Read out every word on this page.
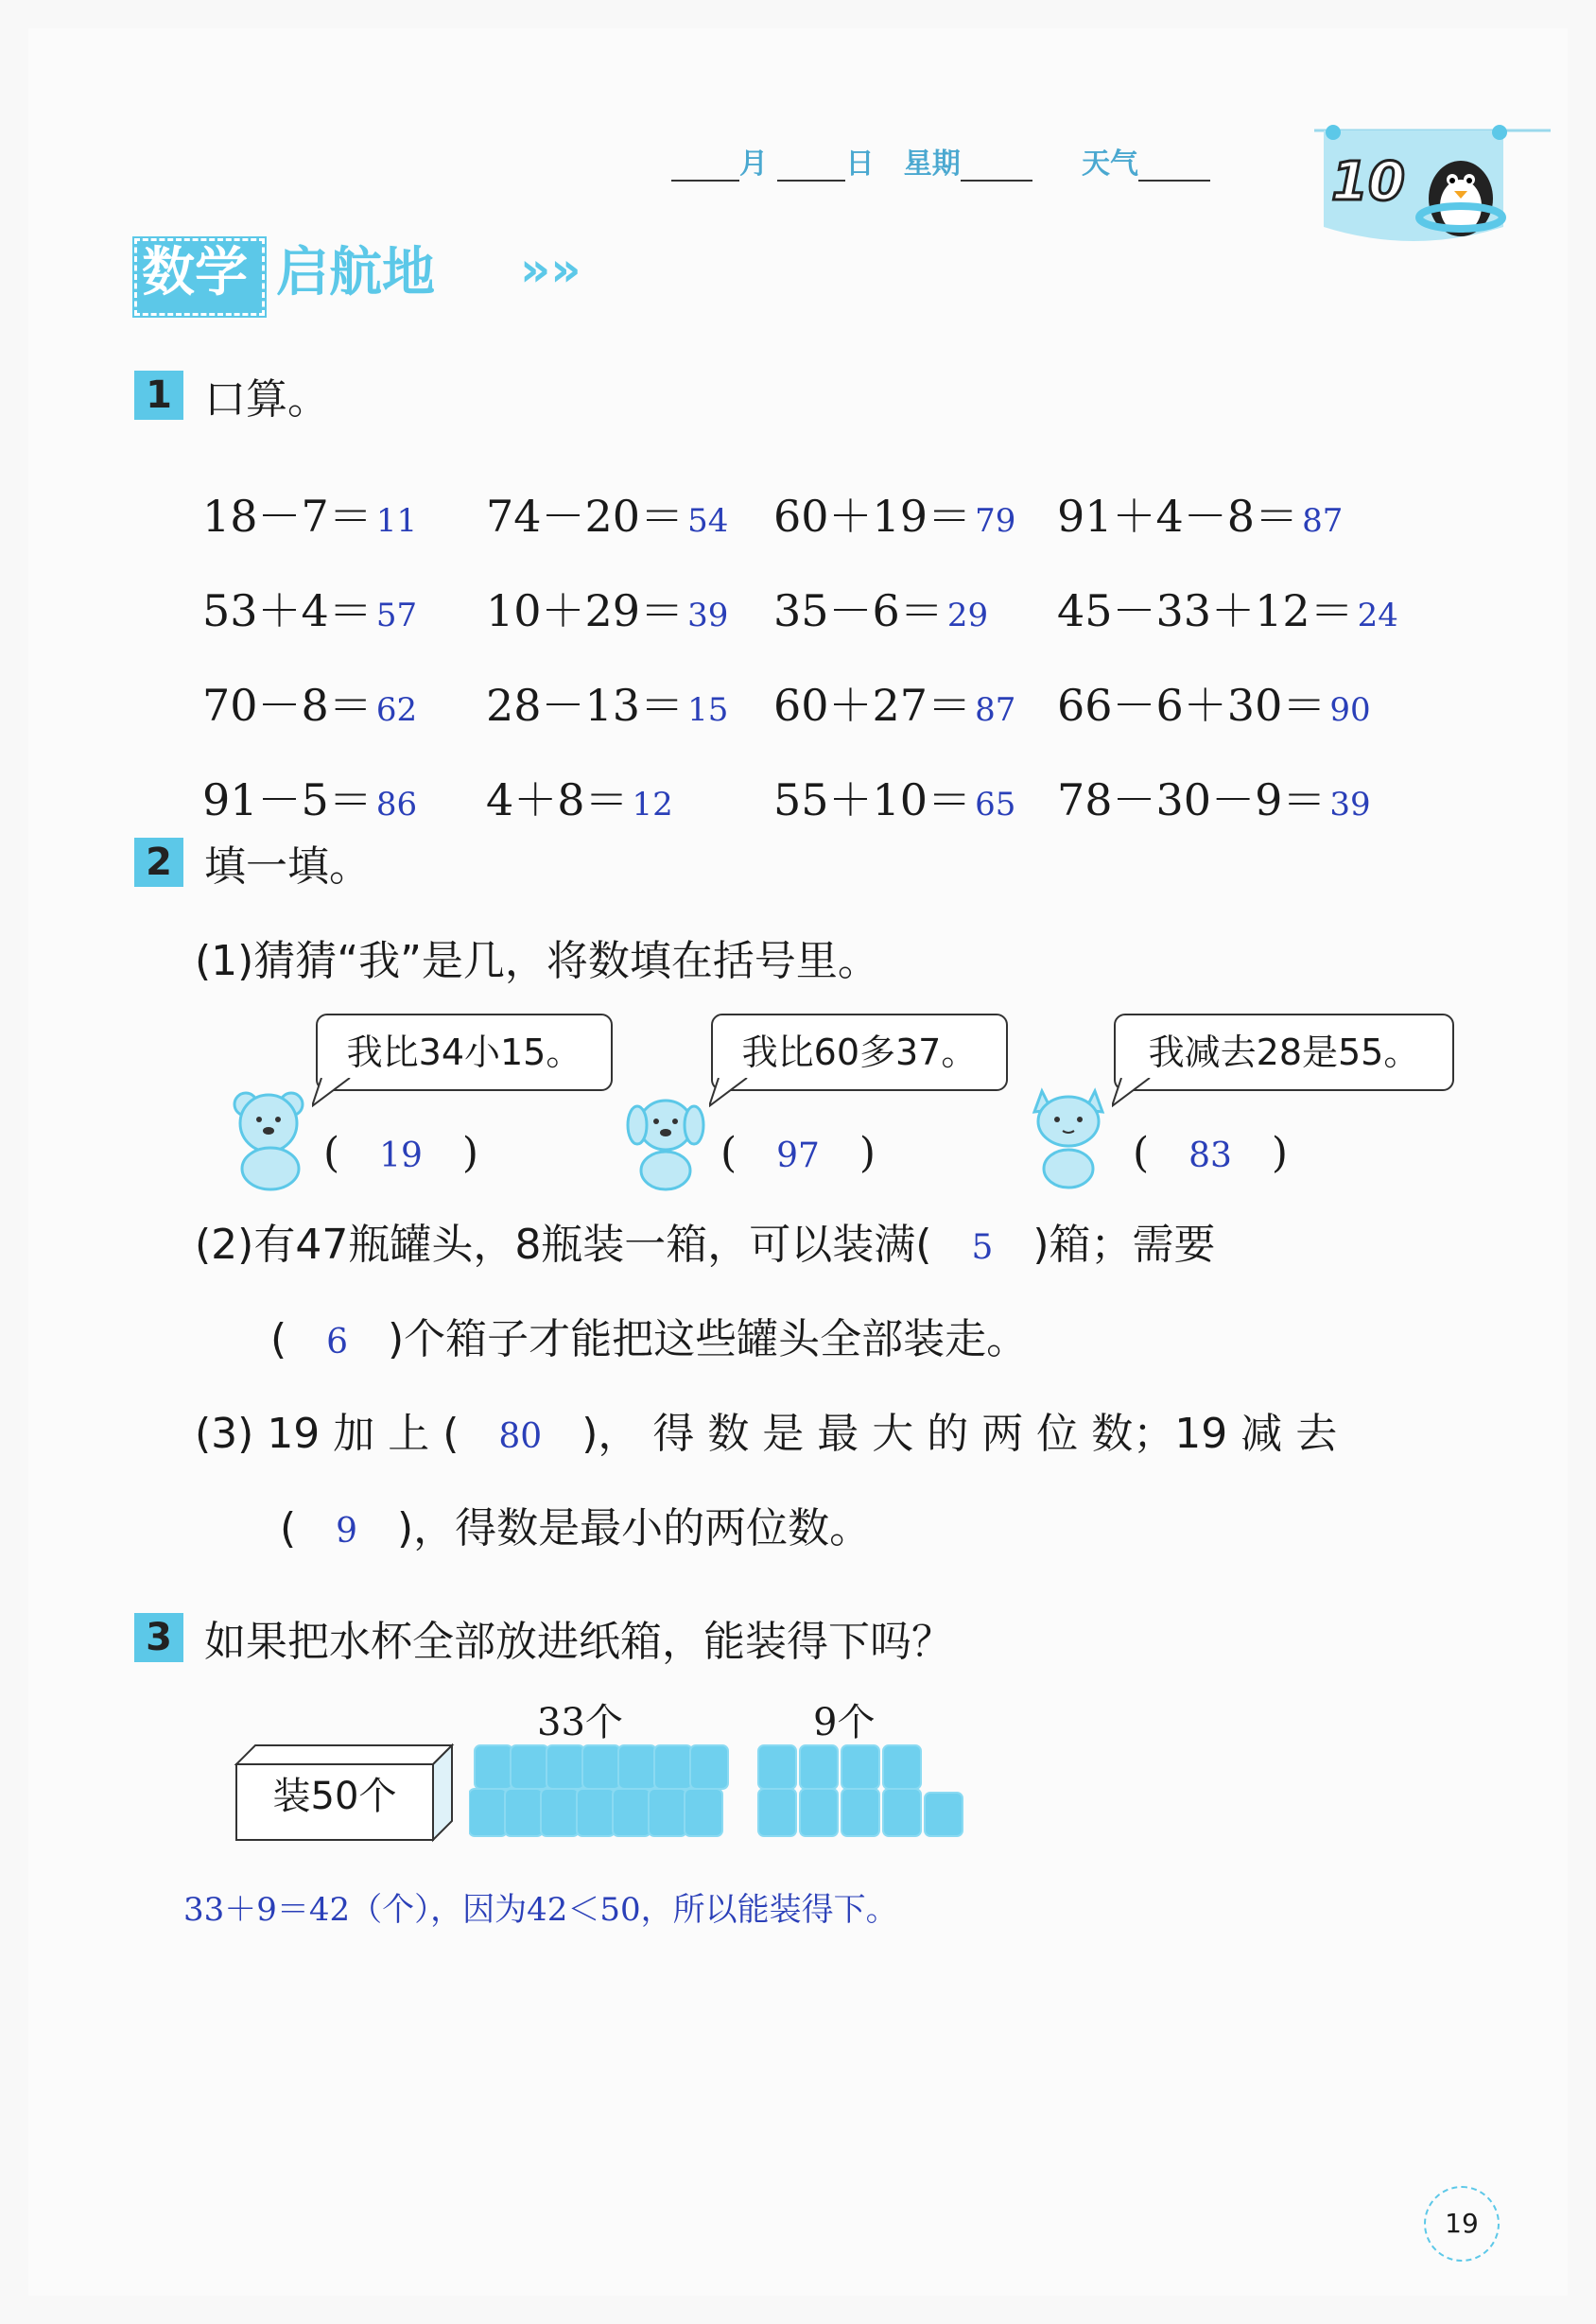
月	日 星期	天气	10
数学 启航地 »»
1 口算。
18－7＝ 11 74－20＝ 54 60＋19＝ 79 91＋4－8＝ 87
53＋4＝ 57 10＋29＝ 39 35－6＝ 29 45－33＋12＝ 24
70－8＝ 62 28－13＝ 15 60＋27＝ 87 66－6＋30＝ 90
91－5＝ 86 4＋8＝ 12 55＋10＝ 65 78－30－9＝ 39
2 填一填。
(1)猜猜“我”是几，将数填在括号里。
我比34小15。	我比60多37。	我减去28是55。
(   19   )	(   97   )	(   83   )
(2)有47瓶罐头，8瓶装一箱，可以装满( 5 )箱；需要
( 6 )个箱子才能把这些罐头全部装走。
(3) 19 加 上 ( 80 )， 得 数 是 最 大 的 两 位 数；19 减 去
( 9 )，得数是最小的两位数。
3 如果把水杯全部放进纸箱，能装得下吗？
33个	9个
装50个
33＋9＝42（个），因为42＜50，所以能装得下。
19
